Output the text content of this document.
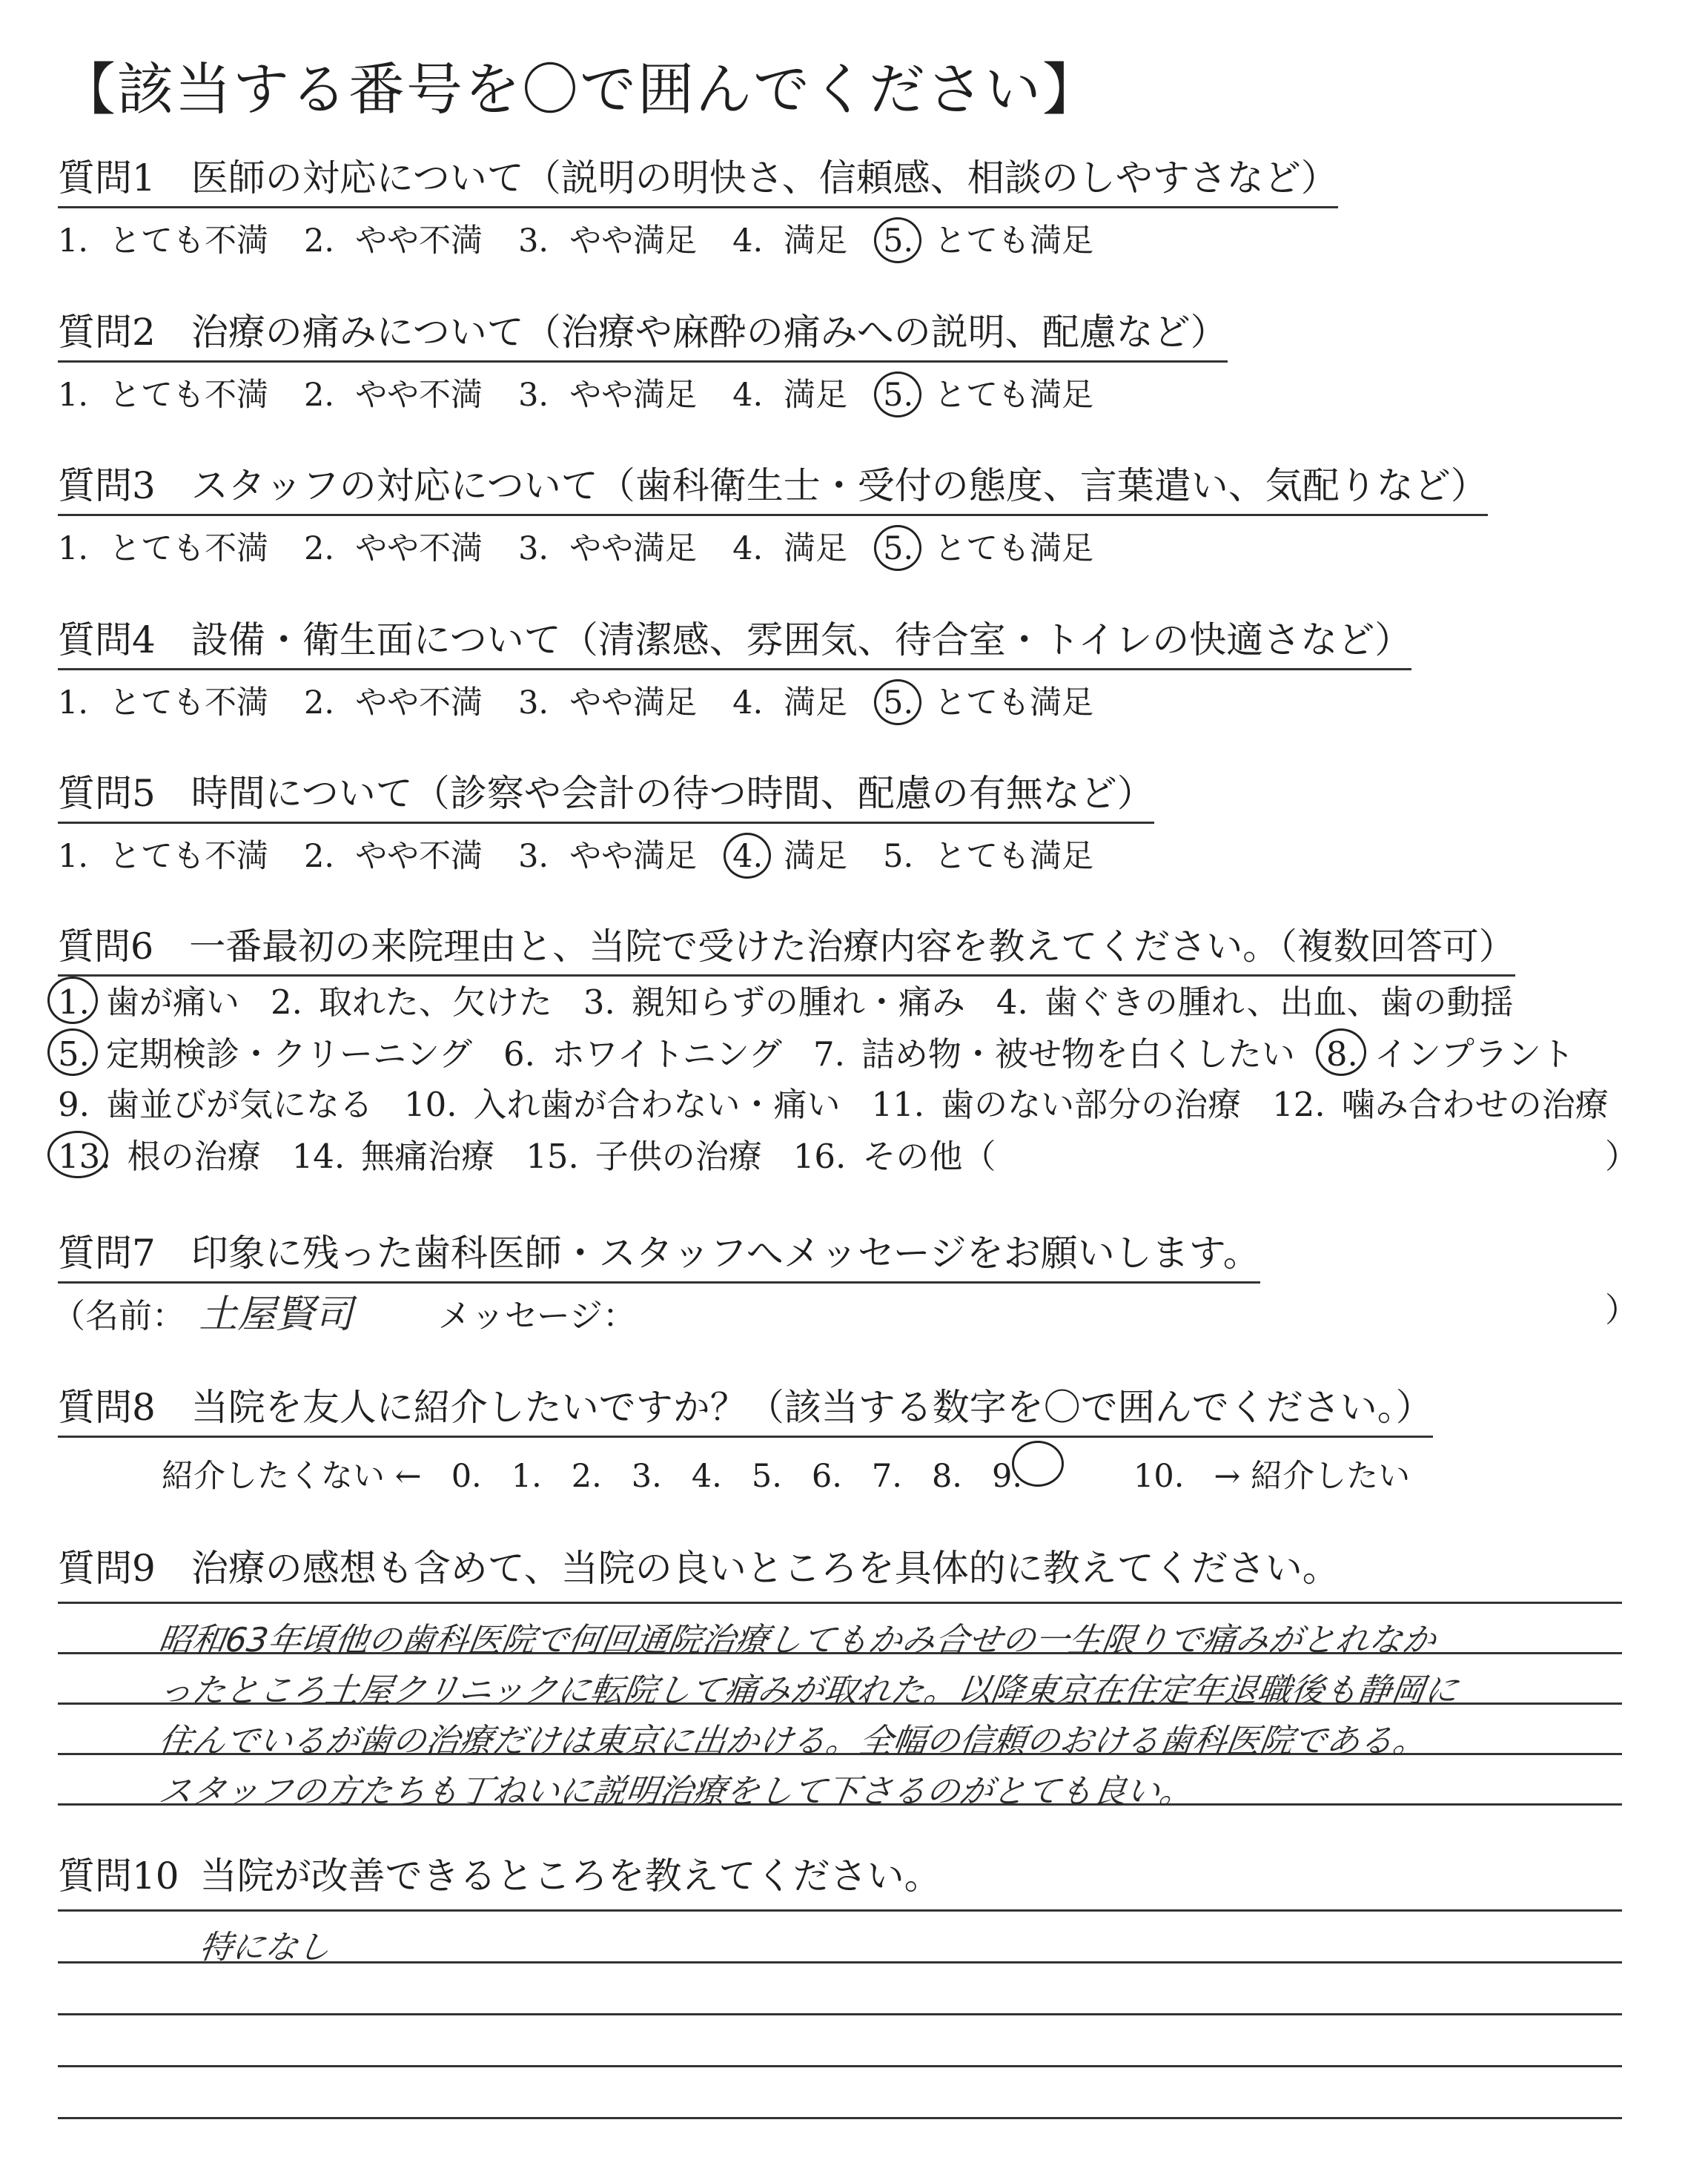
【該当する番号を〇で囲んでください】
質問1 医師の対応について（説明の明快さ、信頼感、相談のしやすさなど）
1. とても不満 2. やや不満 3. やや満足 4. 満足 5. とても満足
質問2 治療の痛みについて（治療や麻酔の痛みへの説明、配慮など）
1. とても不満 2. やや不満 3. やや満足 4. 満足 5. とても満足
質問3 スタッフの対応について（歯科衛生士・受付の態度、言葉遣い、気配りなど）
1. とても不満 2. やや不満 3. やや満足 4. 満足 5. とても満足
質問4 設備・衛生面について（清潔感、雰囲気、待合室・トイレの快適さなど）
1. とても不満 2. やや不満 3. やや満足 4. 満足 5. とても満足
質問5 時間について（診察や会計の待つ時間、配慮の有無など）
1. とても不満 2. やや不満 3. やや満足 4. 満足 5. とても満足
質問6 一番最初の来院理由と、当院で受けた治療内容を教えてください。（複数回答可）
1. 歯が痛い 2. 取れた、欠けた 3. 親知らずの腫れ・痛み 4. 歯ぐきの腫れ、出血、歯の動揺
5. 定期検診・クリーニング 6. ホワイトニング 7. 詰め物・被せ物を白くしたい 8. インプラント
9. 歯並びが気になる 10. 入れ歯が合わない・痛い 11. 歯のない部分の治療 12. 噛み合わせの治療
13. 根の治療 14. 無痛治療 15. 子供の治療 16. その他（	）
質問7 印象に残った歯科医師・スタッフへメッセージをお願いします。
（名前： 土屋賢司	メッセージ：	）
質問8 当院を友人に紹介したいですか？（該当する数字を〇で囲んでください。）
紹介したくない ← 0. 1. 2. 3. 4. 5. 6. 7. 8. 9.	10. → 紹介したい
質問9 治療の感想も含めて、当院の良いところを具体的に教えてください。
昭和63年頃他の歯科医院で何回通院治療してもかみ合せの一生限りで痛みがとれなか
ったところ土屋クリニックに転院して痛みが取れた。以降東京在住定年退職後も静岡に
住んでいるが歯の治療だけは東京に出かける。全幅の信頼のおける歯科医院である。
スタッフの方たちも丁ねいに説明治療をして下さるのがとても良い。
質問10 当院が改善できるところを教えてください。
特になし
